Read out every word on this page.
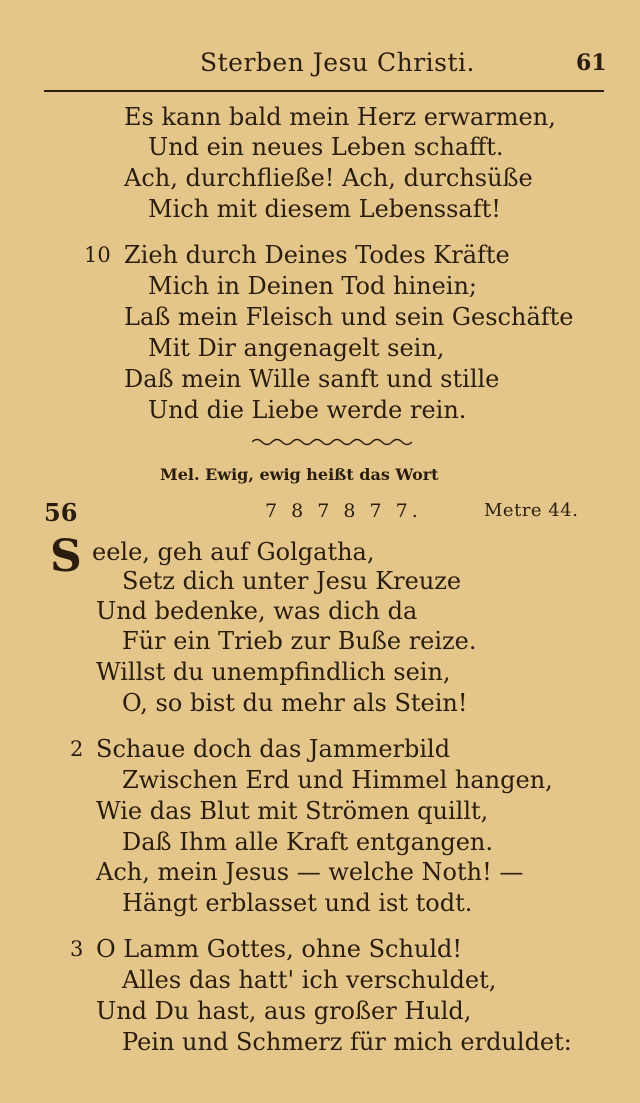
Sterben Jesu Christi.	61
Es kann bald mein Herz erwarmen,
Und ein neues Leben schafft.
Ach, durchfließe! Ach, durchsüße
Mich mit diesem Lebenssaft!
10 Zieh durch Deines Todes Kräfte
Mich in Deinen Tod hinein;
Laß mein Fleisch und sein Geschäfte
Mit Dir angenagelt sein,
Daß mein Wille sanft und stille
Und die Liebe werde rein.
Mel. Ewig, ewig heißt das Wort
56	7 8 7 8 7 7.	Metre 44.
S eele, geh auf Golgatha,
Setz dich unter Jesu Kreuze
Und bedenke, was dich da
Für ein Trieb zur Buße reize.
Willst du unempfindlich sein,
O, so bist du mehr als Stein!
2 Schaue doch das Jammerbild
Zwischen Erd und Himmel hangen,
Wie das Blut mit Strömen quillt,
Daß Ihm alle Kraft entgangen.
Ach, mein Jesus — welche Noth! —
Hängt erblasset und ist todt.
3 O Lamm Gottes, ohne Schuld!
Alles das hatt' ich verschuldet,
Und Du hast, aus großer Huld,
Pein und Schmerz für mich erduldet:
